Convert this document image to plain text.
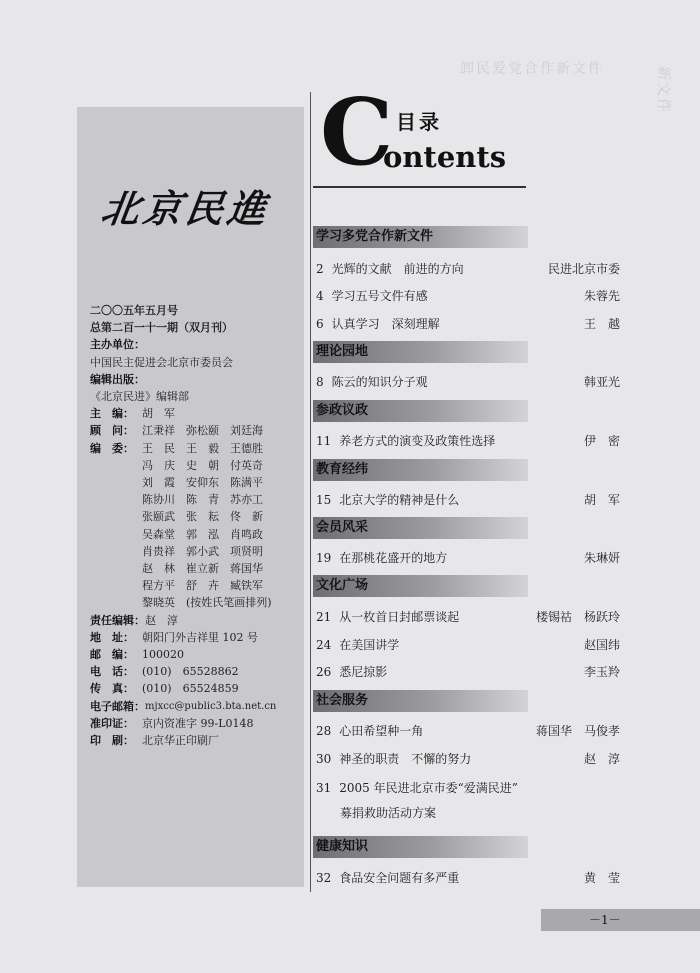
卸民爱党合作新文件	新文件
北京民進
二〇〇五年五月号
总第二百一十一期（双月刊）
主办单位：
中国民主促进会北京市委员会
编辑出版：
《北京民进》编辑部
主　编： 胡　军
顾　问： 江秉祥　弥松颐　刘廷海
编　委： 王　民　王　毅　王德胜
冯　庆　史　朝　付英奇
刘　霞　安仰东　陈满平
陈协川　陈　青　苏亦工
张颐武　张　耘　佟　新
吴森堂　郭　泓　肖鸣政
肖贵祥　郭小武　项贤明
赵　林　崔立新　蒋国华
程方平　舒　卉　臧铁军
黎晓英　(按姓氏笔画排列)
责任编辑： 赵　淳
地　址： 朝阳门外吉祥里 102 号
邮　编： 100020
电　话： (010)　65528862
传　真： (010)　65524859
电子邮箱： mjxcc@public3.bta.net.cn
准印证： 京内资准字 99-L0148
印　刷： 北京华正印刷厂
C 目录
ontents
学习多党合作新文件
2 光辉的文献　前进的方向	民进北京市委
4 学习五号文件有感	朱蓉先
6 认真学习　深刻理解	王　越
理论园地
8 陈云的知识分子观	韩亚光
参政议政
11 养老方式的演变及政策性选择	伊　密
教育经纬
15 北京大学的精神是什么	胡　军
会员风采
19 在那桃花盛开的地方	朱琳妍
文化广场
21 从一枚首日封邮票谈起	楼锡祜　杨跃玲
24 在美国讲学	赵国纬
26 悉尼掠影	李玉羚
社会服务
28 心田希望种一角	蒋国华　马俊孝
30 神圣的职责　不懈的努力	赵　淳
31 2005 年民进北京市委“爱满民进”
募捐救助活动方案
健康知识
32 食品安全问题有多严重	黄　莹
－1－
